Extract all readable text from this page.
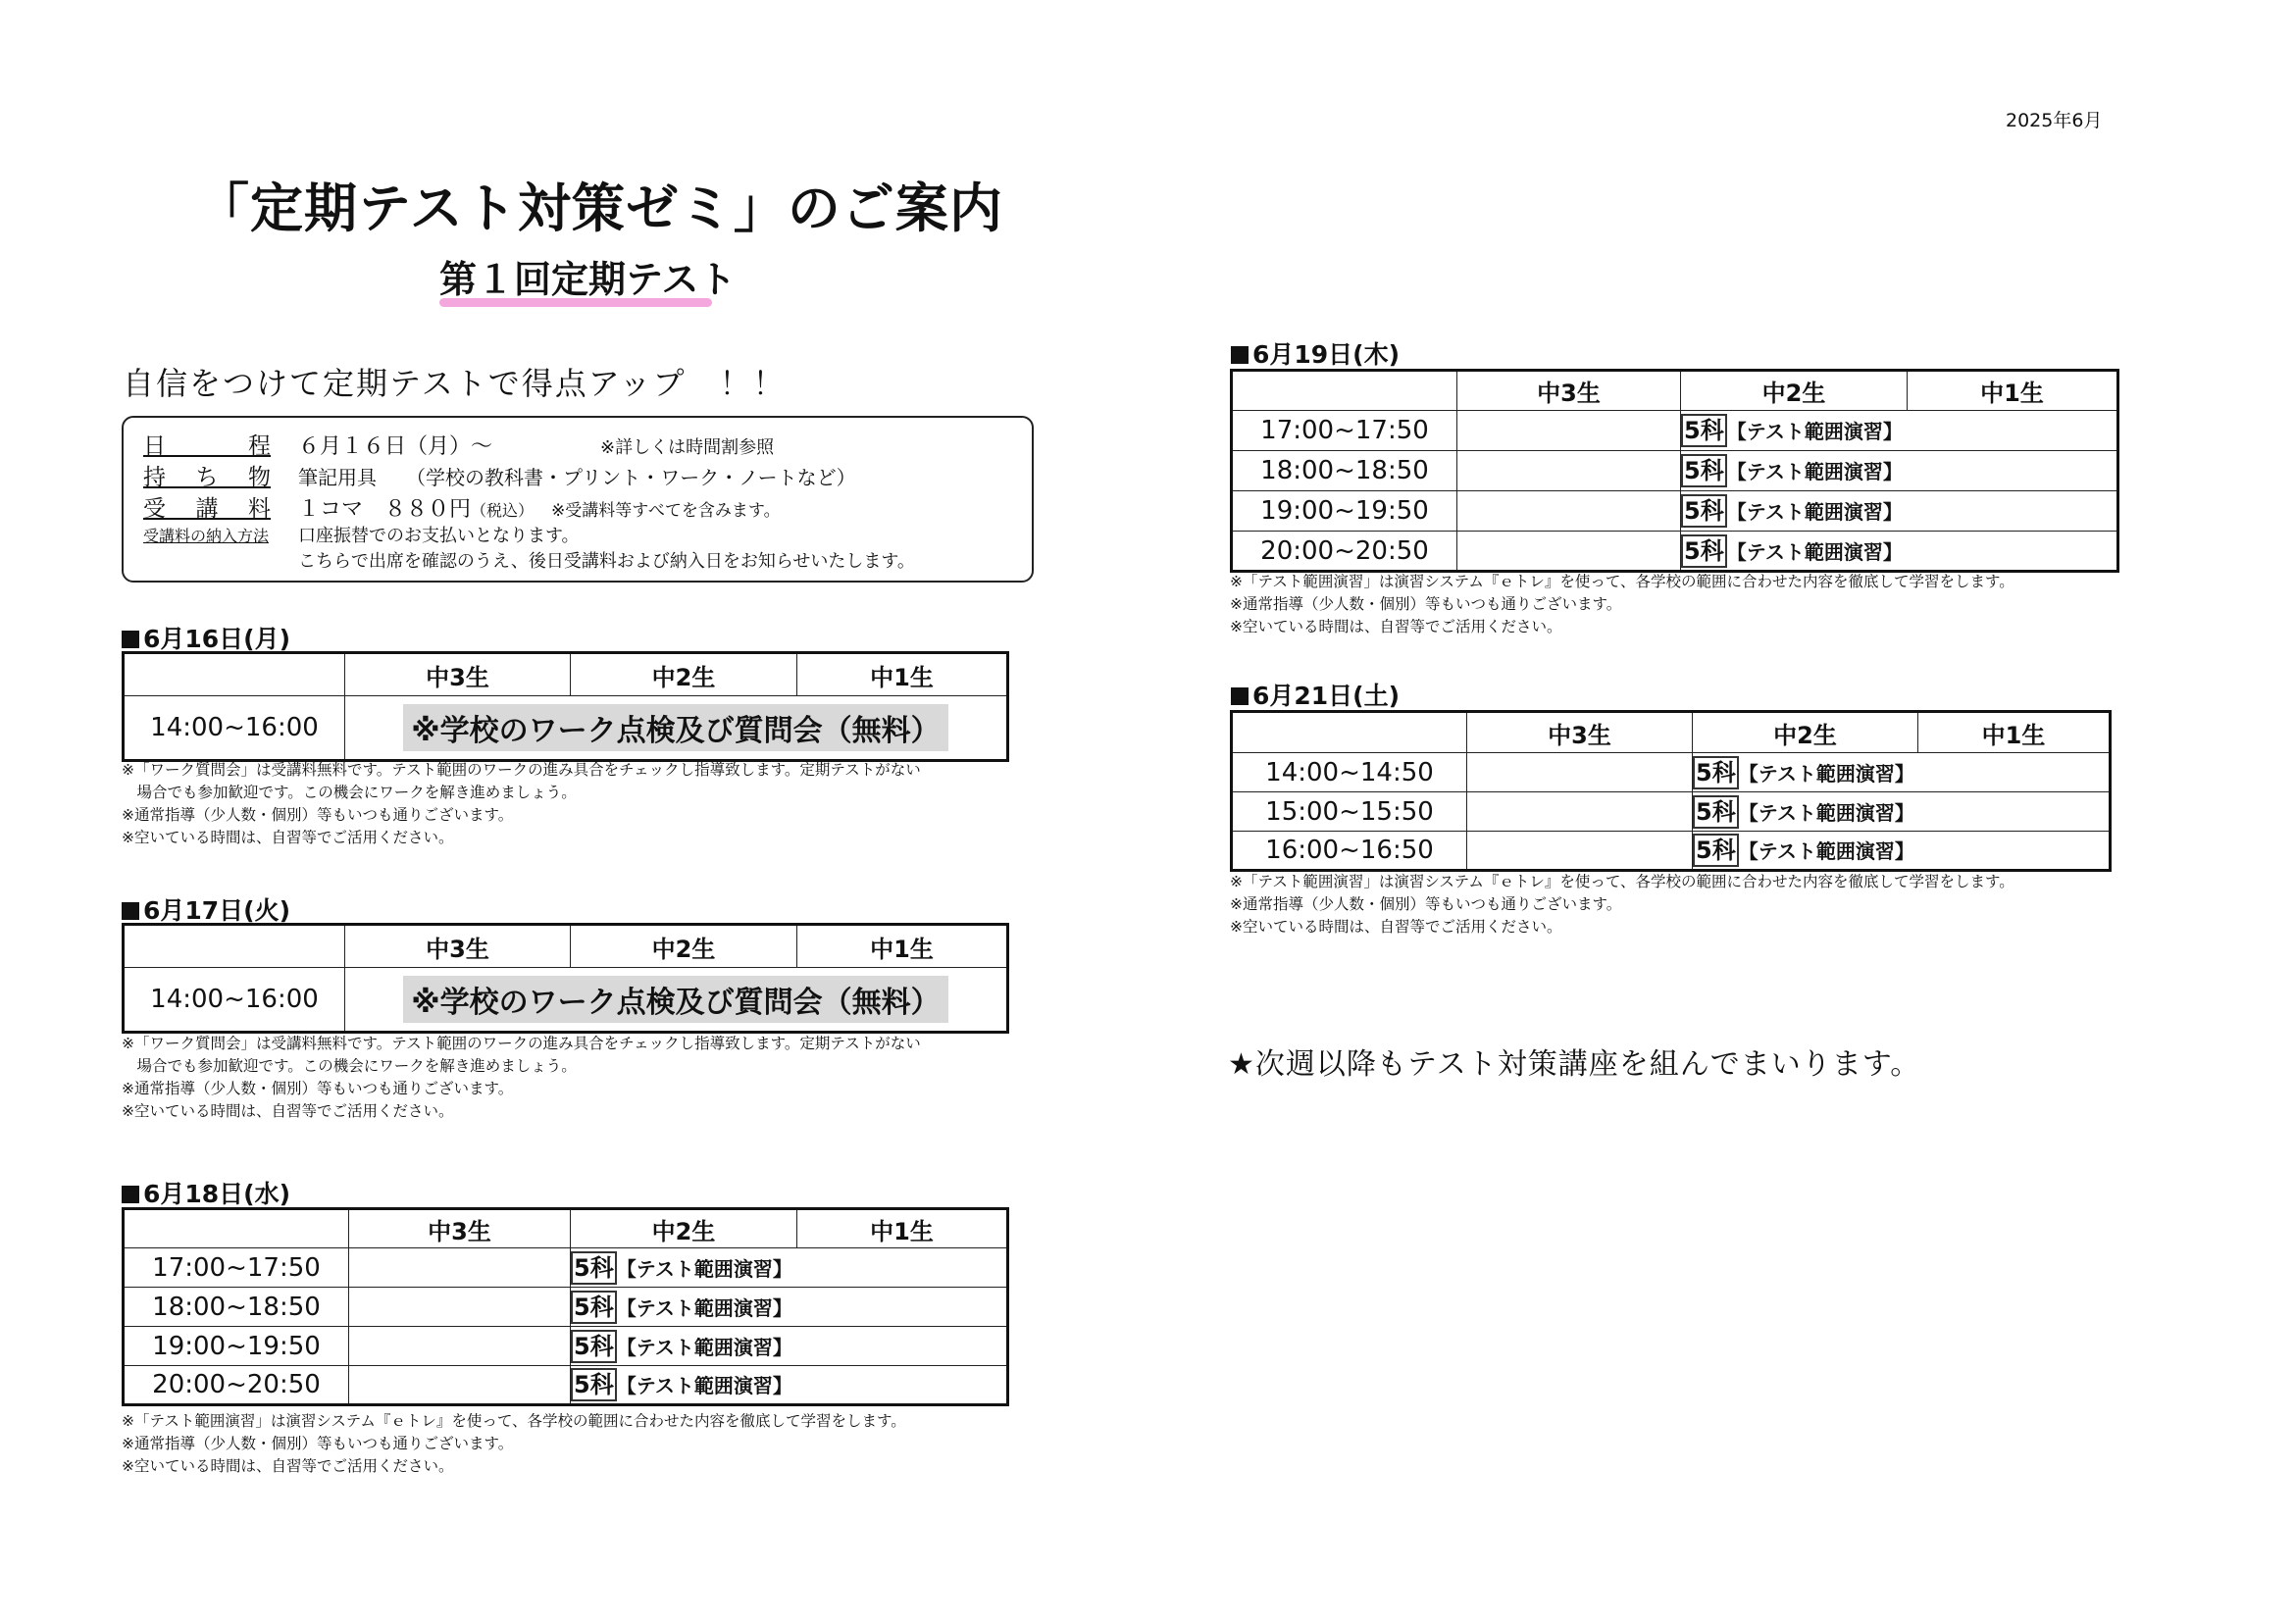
2025年6月
「定期テスト対策ゼミ」のご案内
第１回定期テスト
自信をつけて定期テストで得点アップ　！！
日　程 ６月１６日（月）～	※詳しくは時間割参照
持ち物 筆記用具　　（学校の教科書・プリント・ワーク・ノートなど）
受講料 １コマ　８８０円 （税込） ※受講料等すべてを含みます。
受講料の納入方法	口座振替でのお支払いとなります。
こちらで出席を確認のうえ、後日受講料および納入日をお知らせいたします。
6月16日(月)
	中3生	中2生	中1生
14:00~16:00	※学校のワーク点検及び質問会（無料）		
※「ワーク質問会」は受講料無料です。テスト範囲のワークの進み具合をチェックし指導致します。定期テストがない
　場合でも参加歓迎です。この機会にワークを解き進めましょう。
※通常指導（少人数・個別）等もいつも通りございます。
※空いている時間は、自習等でご活用ください。
6月17日(火)
	中3生	中2生	中1生
14:00~16:00	※学校のワーク点検及び質問会（無料）		
※「ワーク質問会」は受講料無料です。テスト範囲のワークの進み具合をチェックし指導致します。定期テストがない
　場合でも参加歓迎です。この機会にワークを解き進めましょう。
※通常指導（少人数・個別）等もいつも通りございます。
※空いている時間は、自習等でご活用ください。
6月18日(水)
	中3生	中2生	中1生
17:00~17:50		5科 【テスト範囲演習】	
18:00~18:50		5科 【テスト範囲演習】	
19:00~19:50		5科 【テスト範囲演習】	
20:00~20:50		5科 【テスト範囲演習】	
※「テスト範囲演習」は演習システム『ｅトレ』を使って、各学校の範囲に合わせた内容を徹底して学習をします。
※通常指導（少人数・個別）等もいつも通りございます。
※空いている時間は、自習等でご活用ください。
6月19日(木)
	中3生	中2生	中1生
17:00~17:50		5科 【テスト範囲演習】	
18:00~18:50		5科 【テスト範囲演習】	
19:00~19:50		5科 【テスト範囲演習】	
20:00~20:50		5科 【テスト範囲演習】	
※「テスト範囲演習」は演習システム『ｅトレ』を使って、各学校の範囲に合わせた内容を徹底して学習をします。
※通常指導（少人数・個別）等もいつも通りございます。
※空いている時間は、自習等でご活用ください。
6月21日(土)
	中3生	中2生	中1生
14:00~14:50		5科 【テスト範囲演習】	
15:00~15:50		5科 【テスト範囲演習】	
16:00~16:50		5科 【テスト範囲演習】	
※「テスト範囲演習」は演習システム『ｅトレ』を使って、各学校の範囲に合わせた内容を徹底して学習をします。
※通常指導（少人数・個別）等もいつも通りございます。
※空いている時間は、自習等でご活用ください。
★次週以降もテスト対策講座を組んでまいります。
